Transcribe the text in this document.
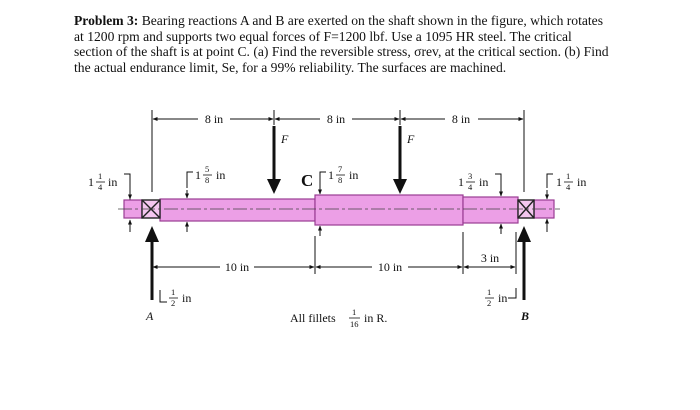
Problem 3: Bearing reactions A and B are exerted on the shaft shown in the figure, which rotates
at 1200 rpm and supports two equal forces of F=1200 lbf. Use a 1095 HR steel. The critical
section of the shaft is at point C. (a) Find the reversible stress, σrev, at the critical section. (b) Find
the actual endurance limit, Se, for a 99% reliability. The surfaces are machined.
8 in	8 in	8 in
F	F
C
1 1
4 in	1 5
8 in	1 7
8 in	1 3
4 in	1 1
4 in
A	B
10 in	10 in
3 in
1
2 in	1
2 in
All fillets 1
16 in R.
